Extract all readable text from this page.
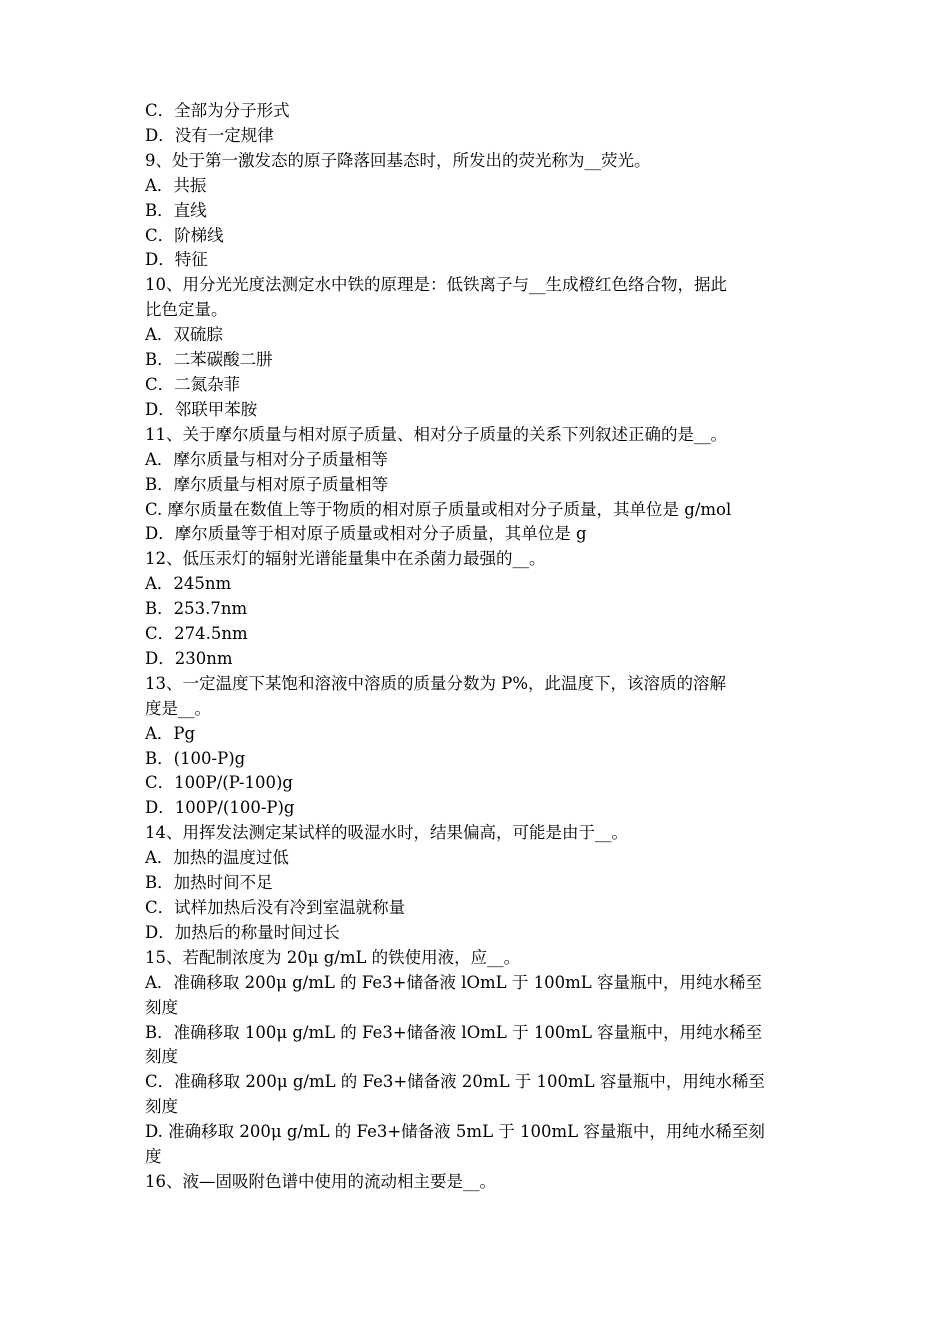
C．全部为分子形式
D．没有一定规律
9、处于第一激发态的原子降落回基态时，所发出的荧光称为__荧光。
A．共振
B．直线
C．阶梯线
D．特征
10、用分光光度法测定水中铁的原理是：低铁离子与__生成橙红色络合物，据此
比色定量。
A．双硫腙
B．二苯碳酸二肼
C．二氮杂菲
D．邻联甲苯胺
11、关于摩尔质量与相对原子质量、相对分子质量的关系下列叙述正确的是__。
A．摩尔质量与相对分子质量相等
B．摩尔质量与相对原子质量相等
C. 摩尔质量在数值上等于物质的相对原子质量或相对分子质量，其单位是 g/mol
D．摩尔质量等于相对原子质量或相对分子质量，其单位是 g
12、低压汞灯的辐射光谱能量集中在杀菌力最强的__。
A．245nm
B．253.7nm
C．274.5nm
D．230nm
13、一定温度下某饱和溶液中溶质的质量分数为 P%，此温度下，该溶质的溶解
度是__。
A．Pg
B．(100-P)g
C．100P/(P-100)g
D．100P/(100-P)g
14、用挥发法测定某试样的吸湿水时，结果偏高，可能是由于__。
A．加热的温度过低
B．加热时间不足
C．试样加热后没有冷到室温就称量
D．加热后的称量时间过长
15、若配制浓度为 20μ g/mL 的铁使用液，应__。
A．准确移取 200μ g/mL 的 Fe3+储备液 lOmL 于 100mL 容量瓶中，用纯水稀至
刻度
B．准确移取 100μ g/mL 的 Fe3+储备液 lOmL 于 100mL 容量瓶中，用纯水稀至
刻度
C．准确移取 200μ g/mL 的 Fe3+储备液 20mL 于 100mL 容量瓶中，用纯水稀至
刻度
D. 准确移取 200μ g/mL 的 Fe3+储备液 5mL 于 100mL 容量瓶中，用纯水稀至刻
度
16、液—固吸附色谱中使用的流动相主要是__。
